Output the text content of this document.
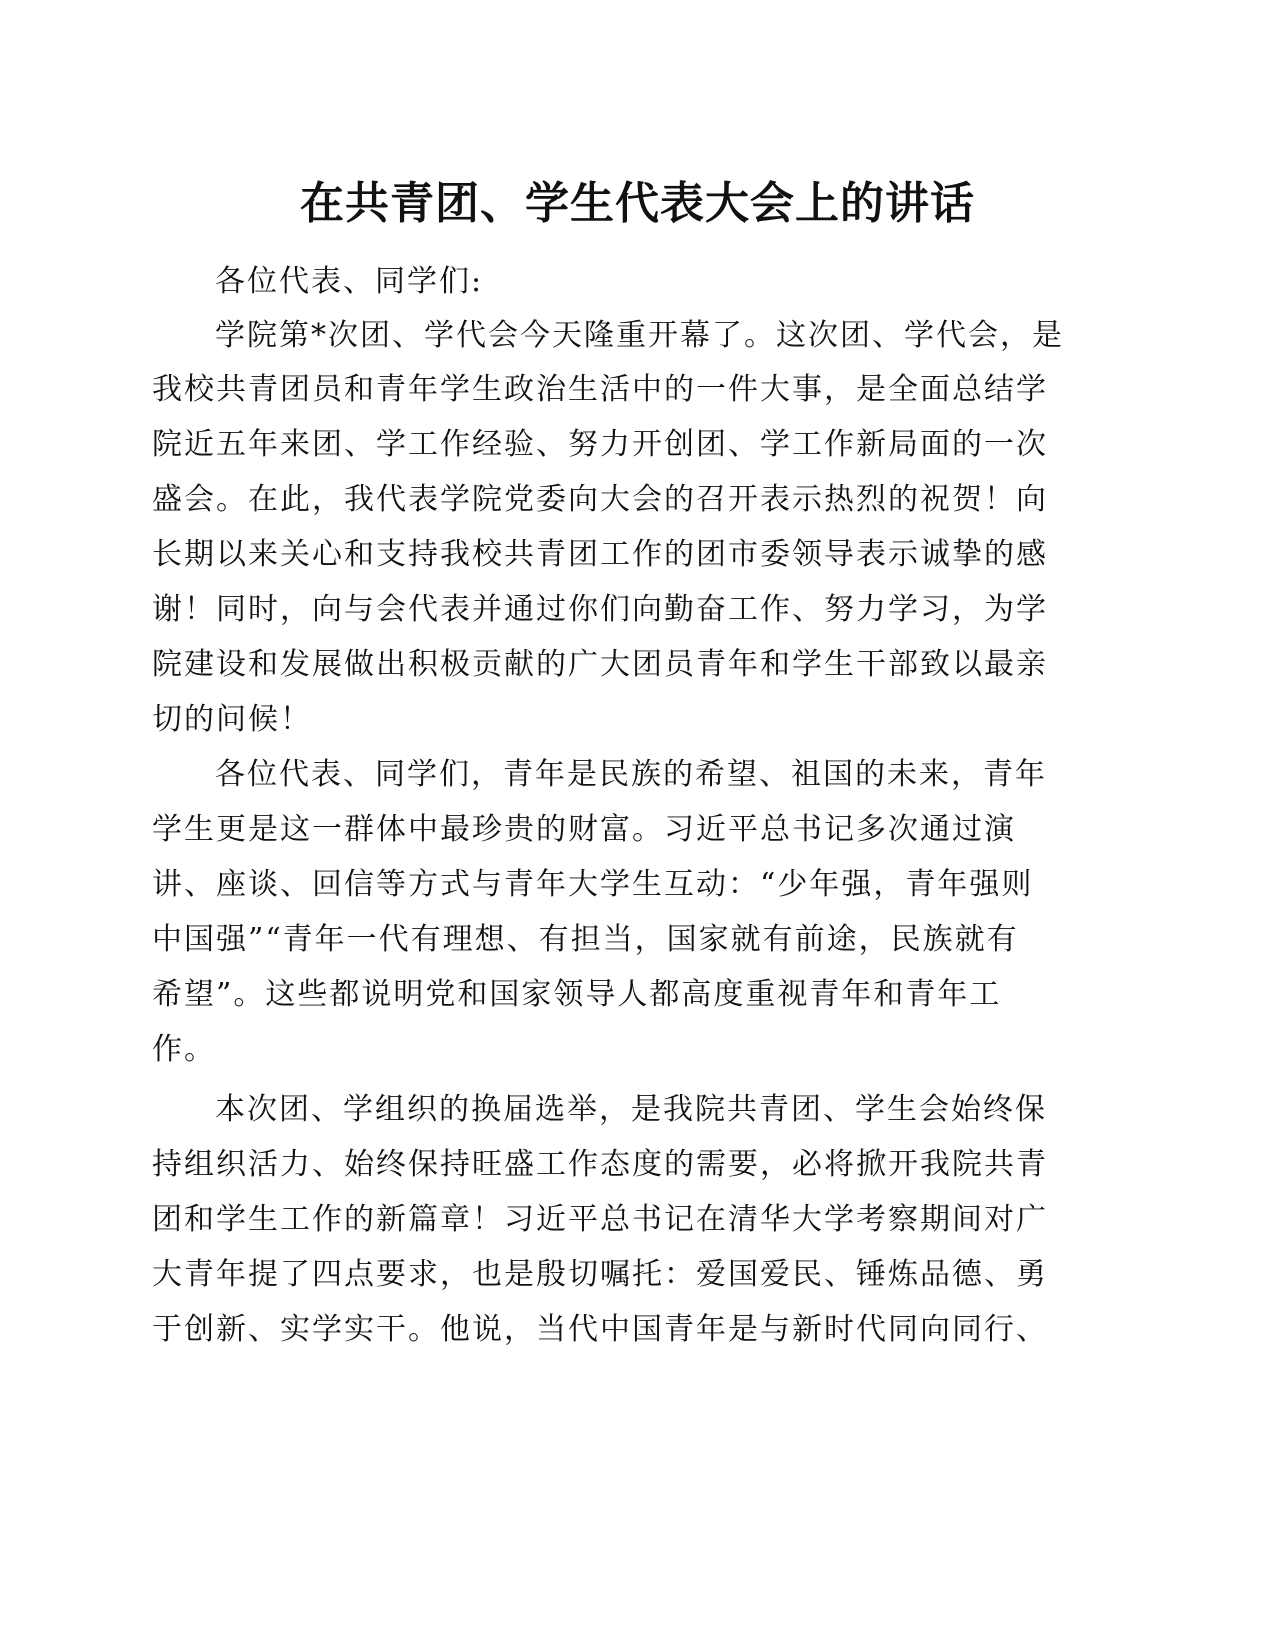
在共青团、学生代表大会上的讲话
各位代表、同学们:
学院第*次团、学代会今天隆重开幕了。这次团、学代会，是
我校共青团员和青年学生政治生活中的一件大事，是全面总结学
院近五年来团、学工作经验、努力开创团、学工作新局面的一次
盛会。在此，我代表学院党委向大会的召开表示热烈的祝贺！向
长期以来关心和支持我校共青团工作的团市委领导表示诚挚的感
谢！同时，向与会代表并通过你们向勤奋工作、努力学习，为学
院建设和发展做出积极贡献的广大团员青年和学生干部致以最亲
切的问候！
各位代表、同学们，青年是民族的希望、祖国的未来，青年
学生更是这一群体中最珍贵的财富。习近平总书记多次通过演
讲、座谈、回信等方式与青年大学生互动：“少年强，青年强则
中国强”“青年一代有理想、有担当，国家就有前途，民族就有
希望”。这些都说明党和国家领导人都高度重视青年和青年工
作。
本次团、学组织的换届选举，是我院共青团、学生会始终保
持组织活力、始终保持旺盛工作态度的需要，必将掀开我院共青
团和学生工作的新篇章！习近平总书记在清华大学考察期间对广
大青年提了四点要求，也是殷切嘱托：爱国爱民、锤炼品德、勇
于创新、实学实干。他说，当代中国青年是与新时代同向同行、
